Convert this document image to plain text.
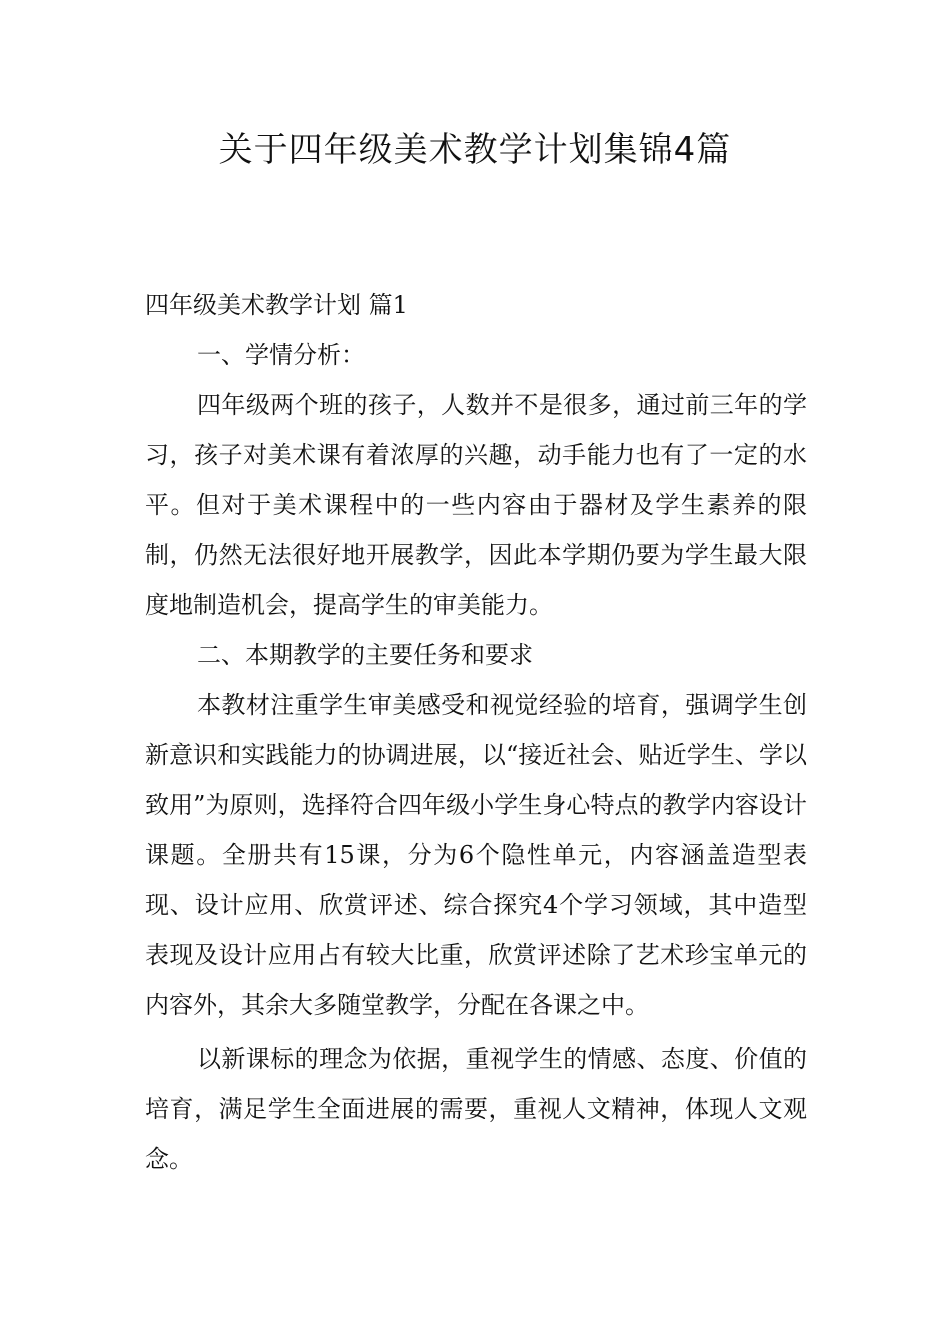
关于四年级美术教学计划集锦4篇

四年级美术教学计划 篇1

一、学情分析：

四年级两个班的孩子，人数并不是很多，通过前三年的学习，孩子对美术课有着浓厚的兴趣，动手能力也有了一定的水平。但对于美术课程中的一些内容由于器材及学生素养的限制，仍然无法很好地开展教学，因此本学期仍要为学生最大限度地制造机会，提高学生的审美能力。

二、本期教学的主要任务和要求

本教材注重学生审美感受和视觉经验的培育，强调学生创新意识和实践能力的协调进展，以“接近社会、贴近学生、学以致用”为原则，选择符合四年级小学生身心特点的教学内容设计课题。全册共有15课，分为6个隐性单元，内容涵盖造型表现、设计应用、欣赏评述、综合探究4个学习领域，其中造型表现及设计应用占有较大比重，欣赏评述除了艺术珍宝单元的内容外，其余大多随堂教学，分配在各课之中。

以新课标的理念为依据，重视学生的情感、态度、价值的培育，满足学生全面进展的需要，重视人文精神，体现人文观念。
